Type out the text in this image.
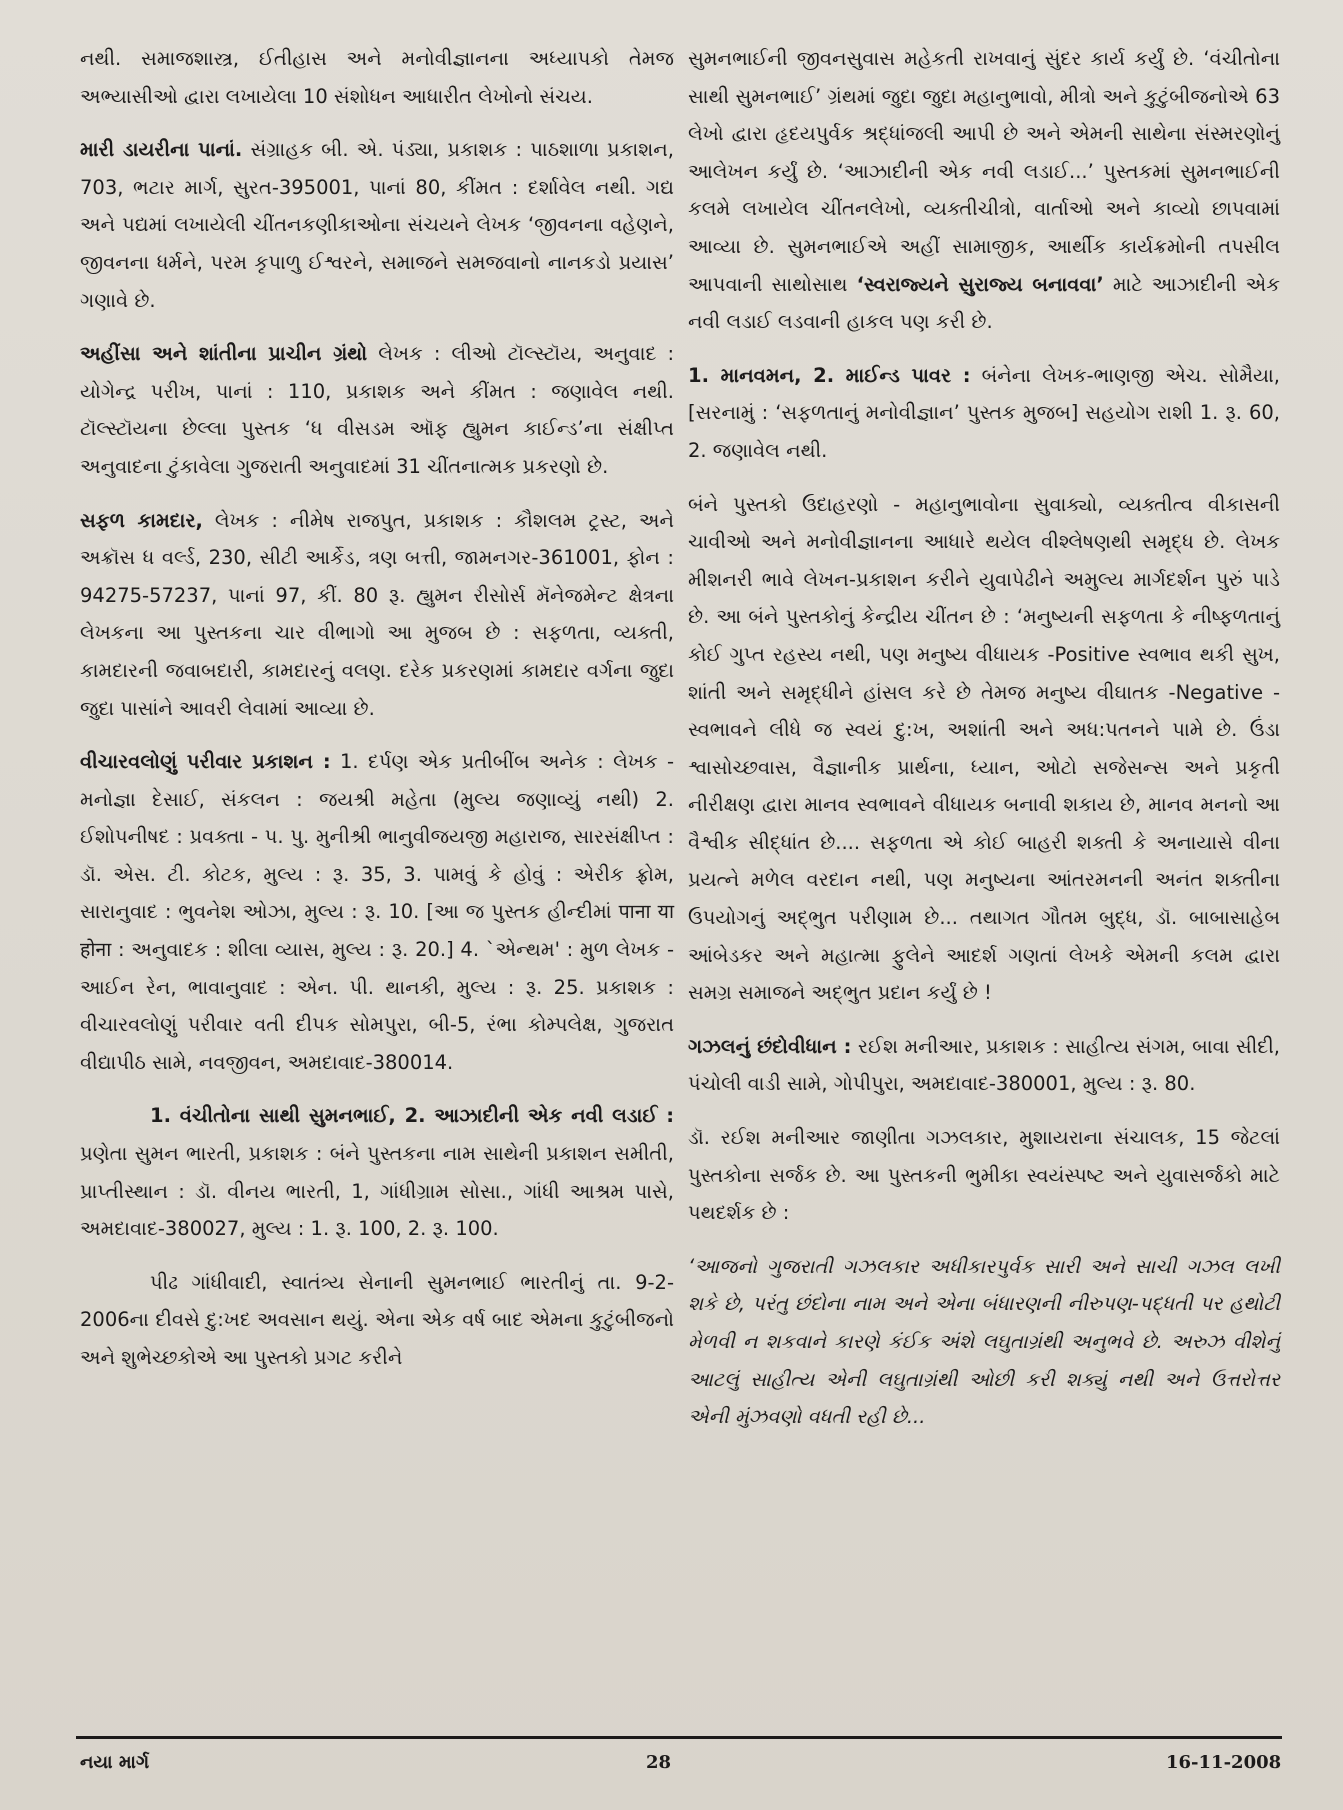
નથી. સમાજશાસ્ત્ર, ઈતીહાસ અને મનોવીજ્ઞાનના અધ્યાપકો તેમજ અભ્યાસીઓ દ્વારા લખાયેલા 10 સંશોધન આધારીત લેખોનો સંચય.

મારી ડાયરીના પાનાં. સંગ્રાહક બી. એ. પંડ્યા, પ્રકાશક : પાઠશાળા પ્રકાશન, 703, ભટાર માર્ગ, સુરત-395001, પાનાં 80, કીંમત : દર્શાવેલ નથી. ગદ્ય અને પદ્યમાં લખાયેલી ચીંતનકણીકાઓના સંચયને લેખક ‘જીવનના વહેણને, જીવનના ધર્મને, પરમ કૃપાળુ ઈશ્વરને, સમાજને સમજવાનો નાનકડો પ્રયાસ’ ગણાવે છે.

અહીંસા અને શાંતીના પ્રાચીન ગ્રંથો લેખક : લીઓ ટૉલ્સ્ટૉય, અનુવાદ : યોગેન્દ્ર પરીખ, પાનાં : 110, પ્રકાશક અને કીંમત : જણાવેલ નથી. ટૉલ્સ્ટૉયના છેલ્લા પુસ્તક ‘ધ વીસડમ ઑફ હ્યુમન કાઈન્ડ’ના સંક્ષીપ્ત અનુવાદના ટુંકાવેલા ગુજરાતી અનુવાદમાં 31 ચીંતનાત્મક પ્રકરણો છે.

સફળ કામદાર, લેખક : નીમેષ રાજપુત, પ્રકાશક : કૌશલમ ટ્રસ્ટ, અને અક્રૉસ ધ વર્લ્ડ, 230, સીટી આર્કેડ, ત્રણ બત્તી, જામનગર-361001, ફોન : 94275-57237, પાનાં 97, કીં. 80 રૂ. હ્યુમન રીસોર્સ મૅનેજમેન્ટ ક્ષેત્રના લેખકના આ પુસ્તકના ચાર વીભાગો આ મુજબ છે : સફળતા, વ્યક્તી, કામદારની જવાબદારી, કામદારનું વલણ. દરેક પ્રકરણમાં કામદાર વર્ગના જુદા જુદા પાસાંને આવરી લેવામાં આવ્યા છે.

વીચારવલોણું પરીવાર પ્રકાશન : 1. દર્પણ એક પ્રતીબીંબ અનેક : લેખક - મનોજ્ઞા દેસાઈ, સંકલન : જયશ્રી મહેતા (મુલ્ય જણાવ્યું નથી) 2. ઈશોપનીષદ : પ્રવક્તા - પ. પુ. મુનીશ્રી ભાનુવીજયજી મહારાજ, સારસંક્ષીપ્ત : ડૉ. એસ. ટી. કોટક, મુલ્ય : રૂ. 35, 3. પામવું કે હોવું : એરીક ફ્રોમ, સારાનુવાદ : ભુવનેશ ઓઝા, મુલ્ય : રૂ. 10. [આ જ પુસ્તક હીન્દીમાં पाना या होना : અનુવાદક : શીલા વ્યાસ, મુલ્ય : રૂ. 20.] 4. `એન્થમ' : મુળ લેખક - આઈન રેન, ભાવાનુવાદ : એન. પી. થાનકી, મુલ્ય : રૂ. 25. પ્રકાશક : વીચારવલોણું પરીવાર વતી દીપક સોમપુરા, બી-5, રંભા કોમ્પલેક્ષ, ગુજરાત વીદ્યાપીઠ સામે, નવજીવન, અમદાવાદ-380014.

1. વંચીતોના સાથી સુમનભાઈ, 2. આઝાદીની એક નવી લડાઈ : પ્રણેતા સુમન ભારતી, પ્રકાશક : બંને પુસ્તકના નામ સાથેની પ્રકાશન સમીતી, પ્રાપ્તીસ્થાન : ડૉ. વીનય ભારતી, 1, ગાંધીગ્રામ સોસા., ગાંધી આશ્રમ પાસે, અમદાવાદ-380027, મુલ્ય : 1. રૂ. 100, 2. રૂ. 100.

પીઢ ગાંધીવાદી, સ્વાતંત્ર્ય સેનાની સુમનભાઈ ભારતીનું તા. 9-2-2006ના દીવસે દુ:ખદ અવસાન થયું. એના એક વર્ષ બાદ એમના કુટુંબીજનો અને શુભેચ્છકોએ આ પુસ્તકો પ્રગટ કરીને

સુમનભાઈની જીવનસુવાસ મહેકતી રાખવાનું સુંદર કાર્ય કર્યું છે. ‘વંચીતોના સાથી સુમનભાઈ’ ગ્રંથમાં જુદા જુદા મહાનુભાવો, મીત્રો અને કુટુંબીજનોએ 63 લેખો દ્વારા હૃદયપુર્વક શ્રદ્ધાંજલી આપી છે અને એમની સાથેના સંસ્મરણોનું આલેખન કર્યું છે. ‘આઝાદીની એક નવી લડાઈ...’ પુસ્તકમાં સુમનભાઈની કલમે લખાયેલ ચીંતનલેખો, વ્યક્તીચીત્રો, વાર્તાઓ અને કાવ્યો છાપવામાં આવ્યા છે. સુમનભાઈએ અહીં સામાજીક, આર્થીક કાર્યક્રમોની તપસીલ આપવાની સાથોસાથ ‘સ્વરાજ્યને સુરાજ્ય બનાવવા’ માટે આઝાદીની એક નવી લડાઈ લડવાની હાકલ પણ કરી છે.

1. માનવમન, 2. માઈન્ડ પાવર : બંનેના લેખક-ભાણજી એચ. સોમૈયા, [સરનામું : ‘સફળતાનું મનોવીજ્ઞાન’ પુસ્તક મુજબ] સહયોગ રાશી 1. રૂ. 60, 2. જણાવેલ નથી.

બંને પુસ્તકો ઉદાહરણો - મહાનુભાવોના સુવાક્યો, વ્યક્તીત્વ વીકાસની ચાવીઓ અને મનોવીજ્ઞાનના આધારે થયેલ વીશ્લેષણથી સમૃદ્ધ છે. લેખક મીશનરી ભાવે લેખન-પ્રકાશન કરીને યુવાપેઢીને અમુલ્ય માર્ગદર્શન પુરું પાડે છે. આ બંને પુસ્તકોનું કેન્દ્રીય ચીંતન છે : ‘મનુષ્યની સફળતા કે નીષ્ફળતાનું કોઈ ગુપ્ત રહસ્ય નથી, પણ મનુષ્ય વીધાયક -Positive સ્વભાવ થકી સુખ, શાંતી અને સમૃદ્ધીને હાંસલ કરે છે તેમજ મનુષ્ય વીઘાતક -Negative - સ્વભાવને લીધે જ સ્વયં દુ:ખ, અશાંતી અને અધ:પતનને પામે છે. ઉંડા શ્વાસોચ્છવાસ, વૈજ્ઞાનીક પ્રાર્થના, ધ્યાન, ઓટો સજેસન્સ અને પ્રકૃતી નીરીક્ષણ દ્વારા માનવ સ્વભાવને વીધાયક બનાવી શકાય છે, માનવ મનનો આ વૈશ્વીક સીદ્ધાંત છે.... સફળતા એ કોઈ બાહરી શક્તી કે અનાયાસે વીના પ્રયત્ને મળેલ વરદાન નથી, પણ મનુષ્યના આંતરમનની અનંત શક્તીના ઉપયોગનું અદ્ભુત પરીણામ છે... તથાગત ગૌતમ બુદ્ધ, ડૉ. બાબાસાહેબ આંબેડકર અને મહાત્મા ફુલેને આદર્શ ગણતાં લેખકે એમની કલમ દ્વારા સમગ્ર સમાજને અદ્ભુત પ્રદાન કર્યું છે !

ગઝલનું છંદોવીધાન : રઈશ મનીઆર, પ્રકાશક : સાહીત્ય સંગમ, બાવા સીદી, પંચોલી વાડી સામે, ગોપીપુરા, અમદાવાદ-380001, મુલ્ય : રૂ. 80.

ડૉ. રઈશ મનીઆર જાણીતા ગઝલકાર, મુશાયરાના સંચાલક, 15 જેટલાં પુસ્તકોના સર્જક છે. આ પુસ્તકની ભુમીકા સ્વયંસ્પષ્ટ અને યુવાસર્જકો માટે પથદર્શક છે :

‘આજનો ગુજરાતી ગઝલકાર અધીકારપુર્વક સારી અને સાચી ગઝલ લખી શકે છે, પરંતુ છંદોના નામ અને એના બંધારણની નીરુપણ-પદ્ધતી પર હથોટી મેળવી ન શકવાને કારણે કંઈક અંશે લઘુતાગ્રંથી અનુભવે છે. અરુઝ વીશેનું આટલું સાહીત્ય એની લઘુતાગ્રંથી ઓછી કરી શક્યું નથી અને ઉત્તરોત્તર એની મુંઝવણો વધતી રહી છે...

નયા માર્ગ	28	16-11-2008
